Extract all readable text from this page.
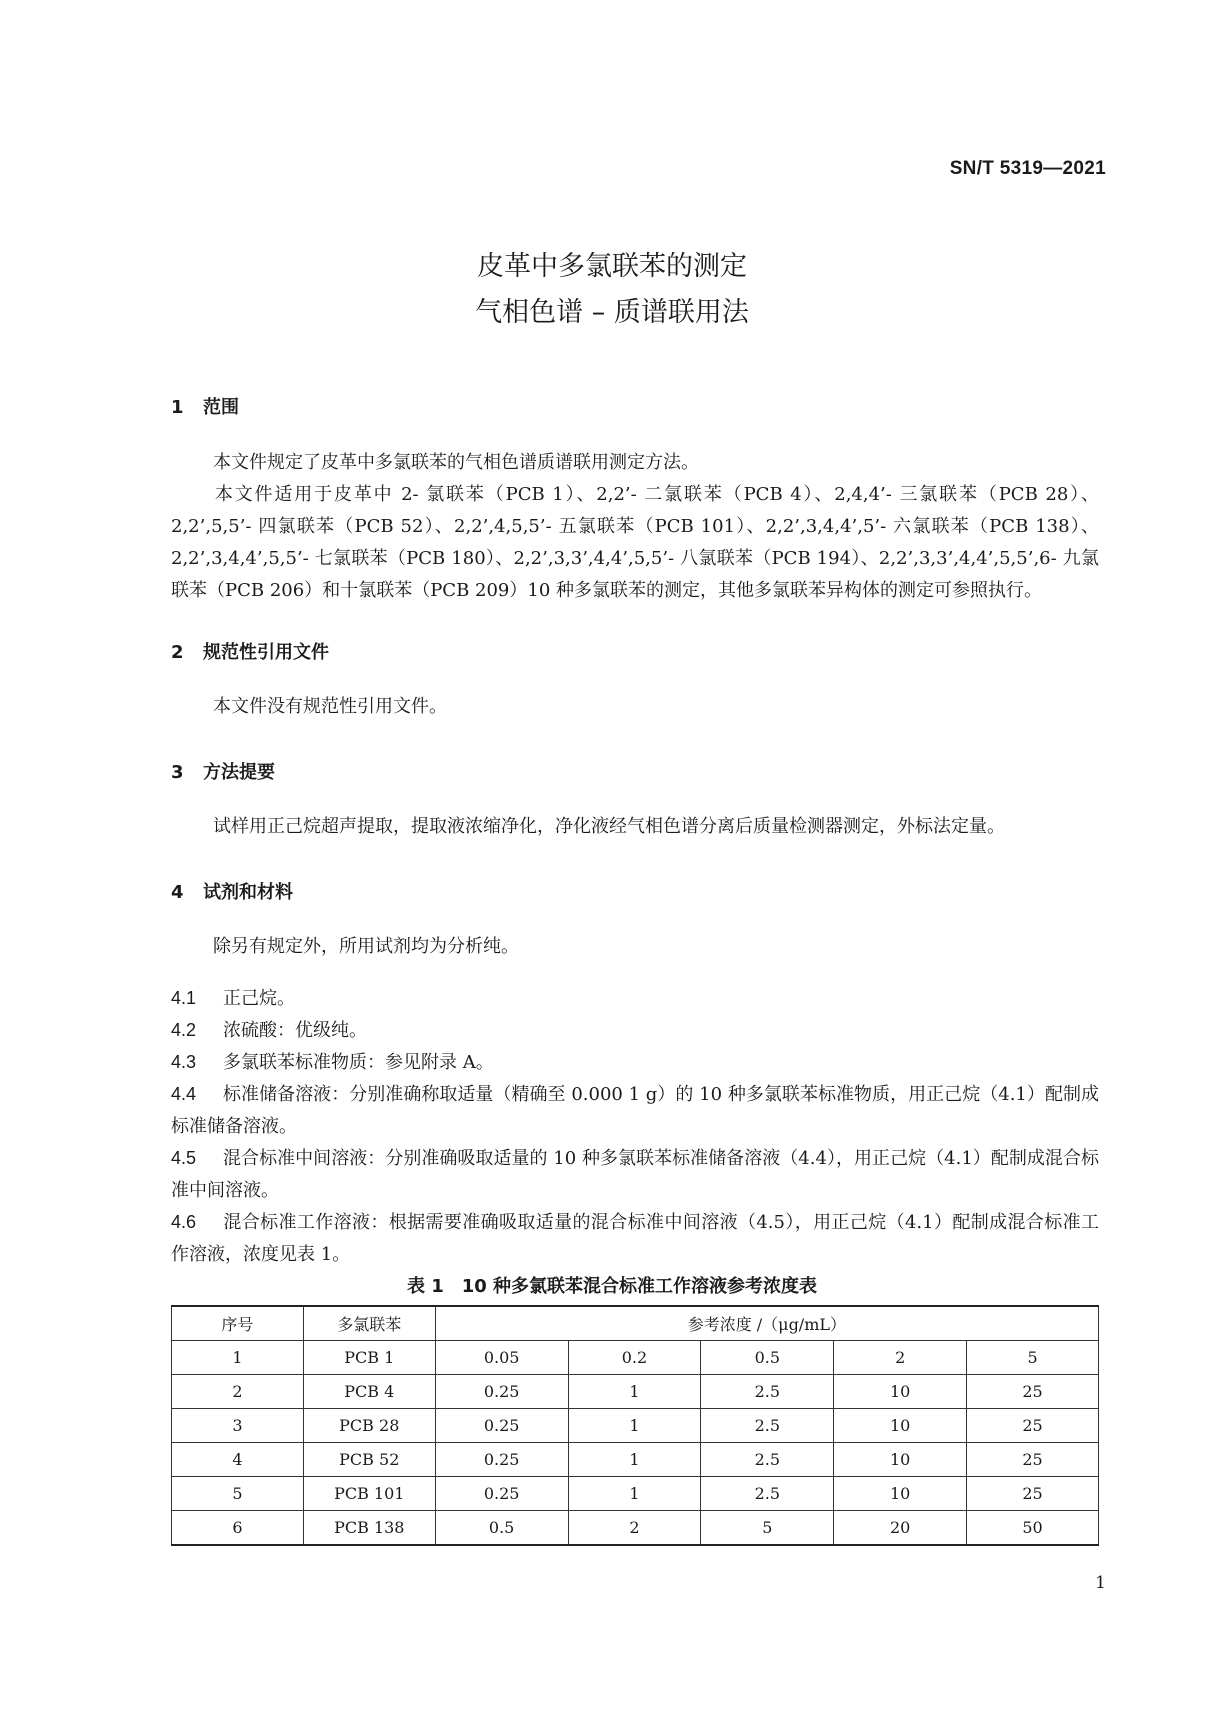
SN/T 5319—2021
皮革中多氯联苯的测定
气相色谱 – 质谱联用法
1 范围
本文件规定了皮革中多氯联苯的气相色谱质谱联用测定方法。
本文件适用于皮革中 2- 氯联苯（PCB 1）、2,2’- 二氯联苯（PCB 4）、2,4,4’- 三氯联苯（PCB 28）、2,2’,5,5’- 四氯联苯（PCB 52）、2,2’,4,5,5’- 五氯联苯（PCB 101）、2,2’,3,4,4’,5’- 六氯联苯（PCB 138）、2,2’,3,4,4’,5,5’- 七氯联苯（PCB 180）、2,2’,3,3’,4,4’,5,5’- 八氯联苯（PCB 194）、2,2’,3,3’,4,4’,5,5’,6- 九氯联苯（PCB 206）和十氯联苯（PCB 209）10 种多氯联苯的测定，其他多氯联苯异构体的测定可参照执行。
2 规范性引用文件
本文件没有规范性引用文件。
3 方法提要
试样用正己烷超声提取，提取液浓缩净化，净化液经气相色谱分离后质量检测器测定，外标法定量。
4 试剂和材料
除另有规定外，所用试剂均为分析纯。
4.1 正己烷。
4.2 浓硫酸：优级纯。
4.3 多氯联苯标准物质：参见附录 A。
4.4 标准储备溶液：分别准确称取适量（精确至 0.000 1 g）的 10 种多氯联苯标准物质，用正己烷（4.1）配制成标准储备溶液。
4.5 混合标准中间溶液：分别准确吸取适量的 10 种多氯联苯标准储备溶液（4.4），用正己烷（4.1）配制成混合标准中间溶液。
4.6 混合标准工作溶液：根据需要准确吸取适量的混合标准中间溶液（4.5），用正己烷（4.1）配制成混合标准工作溶液，浓度见表 1。
表 1　10 种多氯联苯混合标准工作溶液参考浓度表
序号	多氯联苯	参考浓度 /（μg/mL）				
1	PCB 1	0.05	0.2	0.5	2	5
2	PCB 4	0.25	1	2.5	10	25
3	PCB 28	0.25	1	2.5	10	25
4	PCB 52	0.25	1	2.5	10	25
5	PCB 101	0.25	1	2.5	10	25
6	PCB 138	0.5	2	5	20	50
1
